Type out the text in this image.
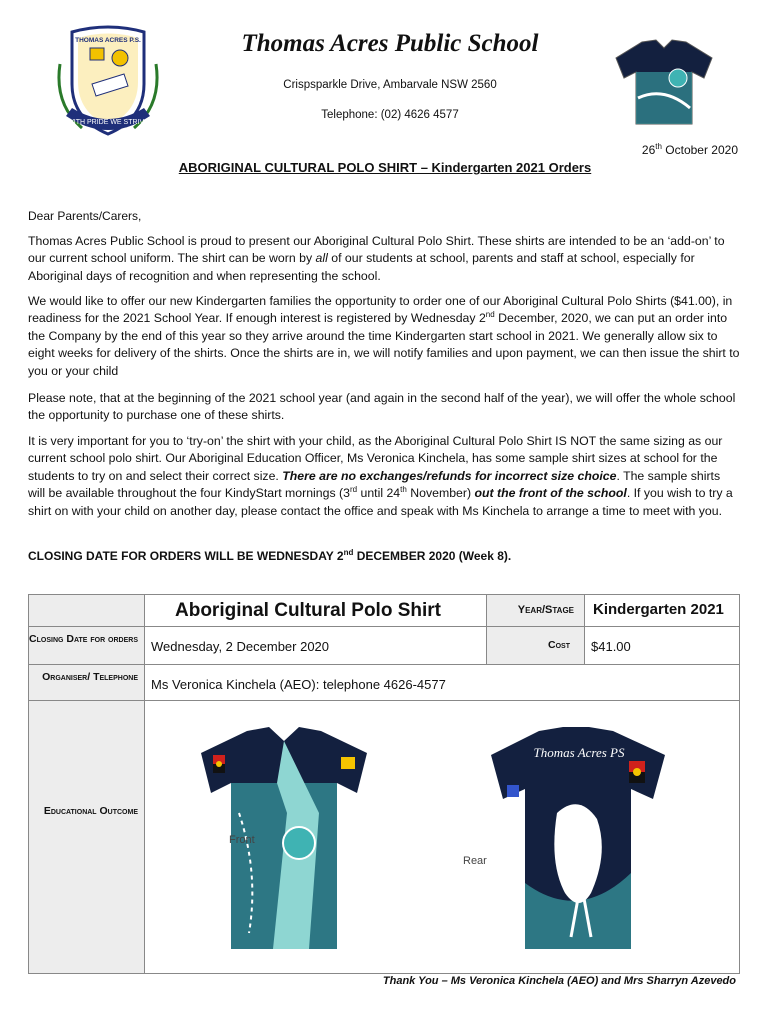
WITH PRIDE WE STRIVE
THOMAS ACRES P.S.	Thomas Acres Public School
Crispsparkle Drive, Ambarvale NSW 2560
Telephone: (02) 4626 4577
26th October 2020
ABORIGINAL CULTURAL POLO SHIRT – Kindergarten 2021 Orders
Dear Parents/Carers,
Thomas Acres Public School is proud to present our Aboriginal Cultural Polo Shirt. These shirts are intended to be an ‘add-on’ to our current school uniform. The shirt can be worn by all of our students at school, parents and staff at school, especially for Aboriginal days of recognition and when representing the school.
We would like to offer our new Kindergarten families the opportunity to order one of our Aboriginal Cultural Polo Shirts ($41.00), in readiness for the 2021 School Year. If enough interest is registered by Wednesday 2nd December, 2020, we can put an order into the Company by the end of this year so they arrive around the time Kindergarten start school in 2021. We generally allow six to eight weeks for delivery of the shirts. Once the shirts are in, we will notify families and upon payment, we can then issue the shirt to you or your child
Please note, that at the beginning of the 2021 school year (and again in the second half of the year), we will offer the whole school the opportunity to purchase one of these shirts.
It is very important for you to ‘try-on’ the shirt with your child, as the Aboriginal Cultural Polo Shirt IS NOT the same sizing as our current school polo shirt. Our Aboriginal Education Officer, Ms Veronica Kinchela, has some sample shirt sizes at school for the students to try on and select their correct size. There are no exchanges/refunds for incorrect size choice. The sample shirts will be available throughout the four KindyStart mornings (3rd until 24th November) out the front of the school. If you wish to try a shirt on with your child on another day, please contact the office and speak with Ms Kinchela to arrange a time to meet with you.
CLOSING DATE FOR ORDERS WILL BE WEDNESDAY 2nd DECEMBER 2020 (Week 8).
	Aboriginal Cultural Polo Shirt	Year/Stage	Kindergarten 2021
Closing Date for orders	Wednesday, 2 December 2020	Cost	$41.00
Organiser/ Telephone	Ms Veronica Kinchela (AEO): telephone 4626-4577		
Educational Outcome	Front
Thomas Acres PS
Rear		
Thank You – Ms Veronica Kinchela (AEO) and Mrs Sharryn Azevedo
